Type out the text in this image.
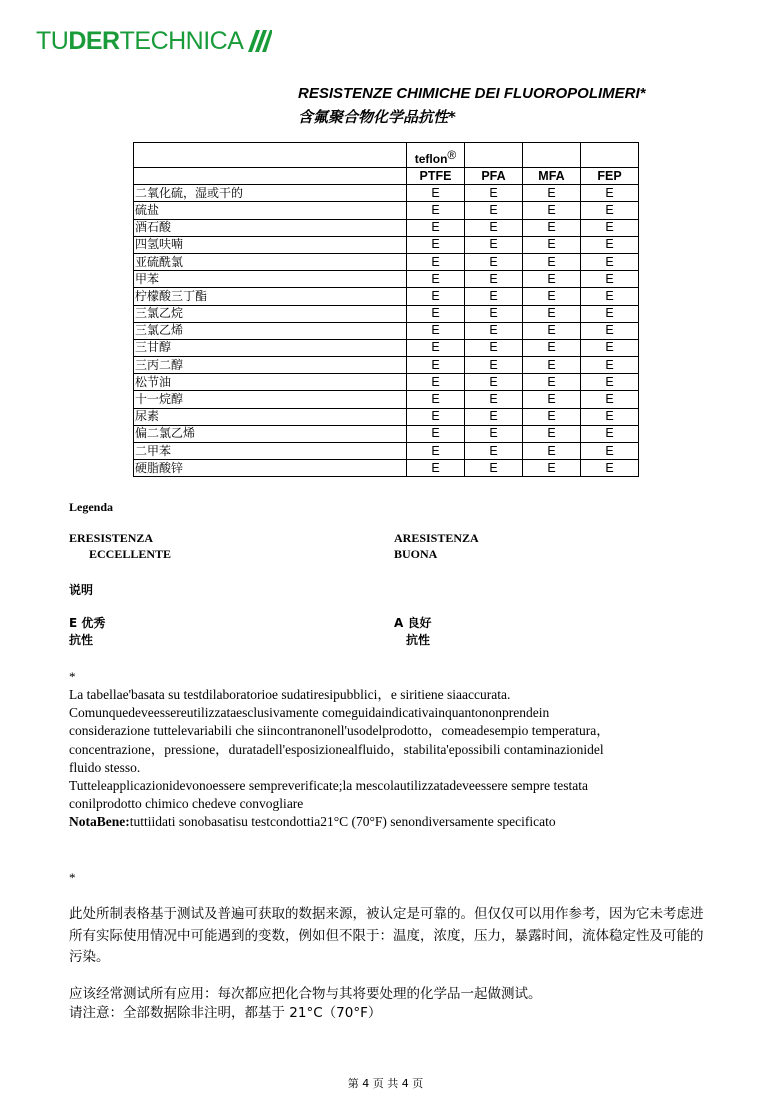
TUDERTECHNICA
RESISTENZE CHIMICHE DEI FLUOROPOLIMERI*
含氟聚合物化学品抗性*
	teflon®			
	PTFE	PFA	MFA	FEP
二氧化硫，湿或干的	E	E	E	E
硫盐	E	E	E	E
酒石酸	E	E	E	E
四氢呋喃	E	E	E	E
亚硫酰氯	E	E	E	E
甲苯	E	E	E	E
柠檬酸三丁酯	E	E	E	E
三氯乙烷	E	E	E	E
三氯乙烯	E	E	E	E
三甘醇	E	E	E	E
三丙二醇	E	E	E	E
松节油	E	E	E	E
十一烷醇	E	E	E	E
尿素	E	E	E	E
偏二氯乙烯	E	E	E	E
二甲苯	E	E	E	E
硬脂酸锌	E	E	E	E
Legenda
ERESISTENZA
ECCELLENTE
ARESISTENZA
BUONA
说明
E 优秀
抗性
A 良好
抗性
*

La tabellae'basata su testdilaboratorioe sudatiresipubblici，e siritiene siaaccurata.

Comunquedeveessereutilizzataesclusivamente comeguidaindicativainquantononprendein

considerazione tuttelevariabili che siincontranonell'usodelprodotto，comeadesempio temperatura，

concentrazione，pressione，duratadell'esposizionealfluido，stabilita'epossibili contaminazionidel

fluido stesso.

Tutteleapplicazionidevonoessere sempreverificate;la mescolautilizzatadeveessere sempre testata

conilprodotto chimico chedeve convogliare

NotaBene:tuttiidati sonobasatisu testcondottia21°C (70°F) senondiversamente specificato

*

此处所制表格基于测试及普遍可获取的数据来源，被认定是可靠的。但仅仅可以用作参考，因为它未考虑进所有实际使用情况中可能遇到的变数，例如但不限于：温度，浓度，压力，暴露时间，流体稳定性及可能的污染。

应该经常测试所有应用：每次都应把化合物与其将要处理的化学品一起做测试。

请注意：全部数据除非注明，都基于 21°C（70°F）

第 4 页 共 4 页
